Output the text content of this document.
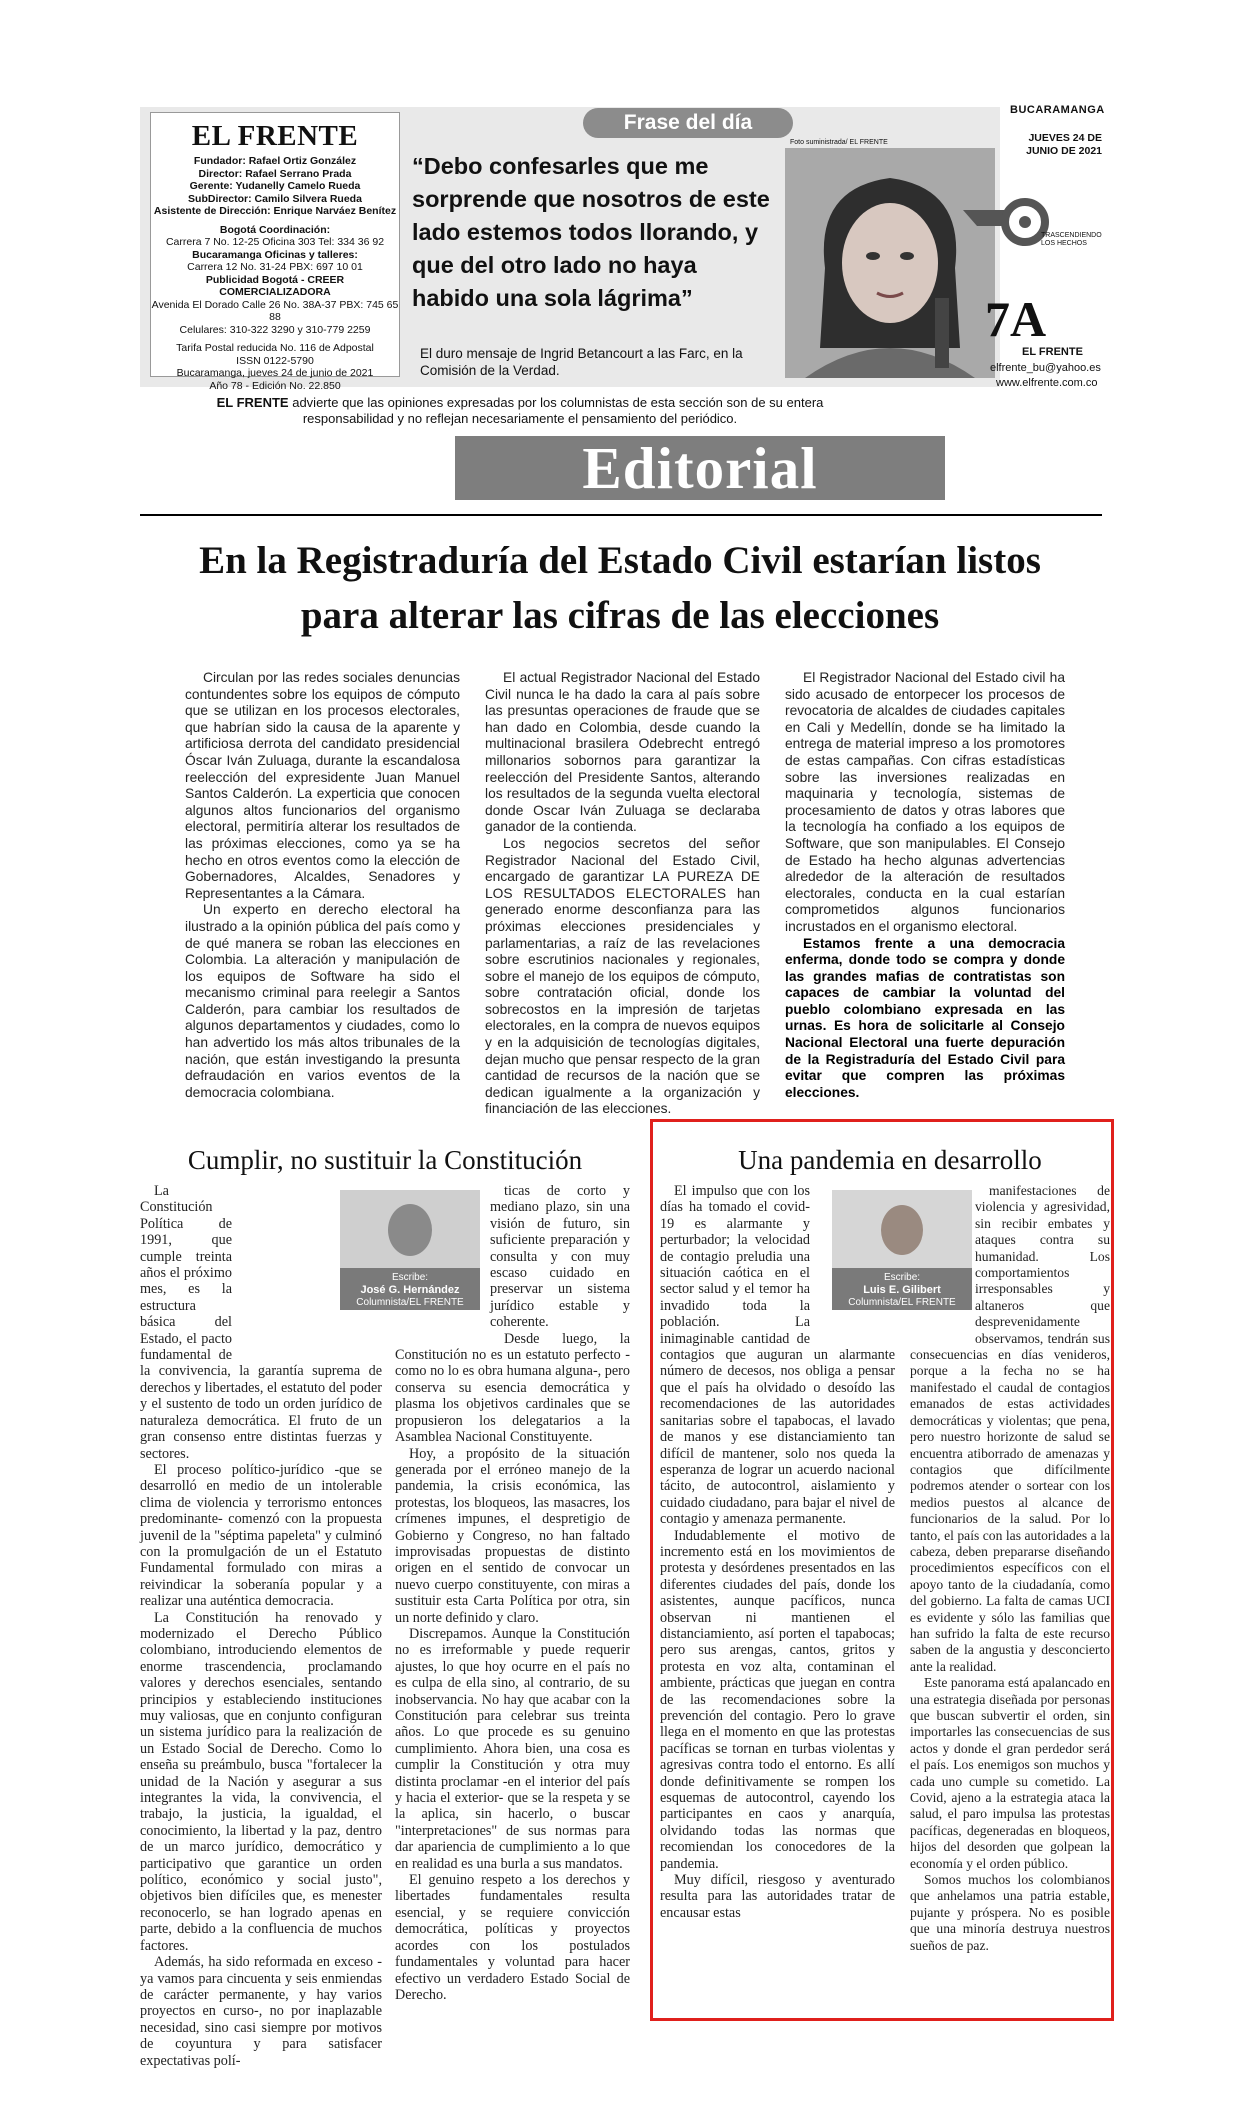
EL FRENTE
Fundador: Rafael Ortiz González
Director: Rafael Serrano Prada
Gerente: Yudanelly Camelo Rueda
SubDirector: Camilo Silvera Rueda
Asistente de Dirección: Enrique Narváez Benítez
Bogotá Coordinación:
Carrera 7 No. 12-25 Oficina 303 Tel: 334 36 92
Bucaramanga Oficinas y talleres:
Carrera 12 No. 31-24 PBX: 697 10 01
Publicidad Bogotá - CREER COMERCIALIZADORA
Avenida El Dorado Calle 26 No. 38A-37 PBX: 745 65 88
Celulares: 310-322 3290 y 310-779 2259
Tarifa Postal reducida No. 116 de Adpostal
ISSN 0122-5790
Bucaramanga, jueves 24 de junio de 2021
Año 78 - Edición No. 22.850
Frase del día
“Debo confesarles que me sorprende que nosotros de este lado estemos todos llorando, y que del otro lado no haya habido una sola lágrima”
El duro mensaje de Ingrid Betancourt a las Farc, en la Comisión de la Verdad.
Foto suministrada/ EL FRENTE
BUCARAMANGA
JUEVES 24 DE JUNIO DE 2021
TRASCENDIENDO LOS HECHOS
7A
EL FRENTE
elfrente_bu@yahoo.es
www.elfrente.com.co
EL FRENTE advierte que las opiniones expresadas por los columnistas de esta sección son de su entera responsabilidad y no reflejan necesariamente el pensamiento del periódico.
Editorial
En la Registraduría del Estado Civil estarían listos para alterar las cifras de las elecciones

Circulan por las redes sociales denuncias contundentes sobre los equipos de cómputo que se utilizan en los procesos electorales, que habrían sido la causa de la aparente y artificiosa derrota del candidato presidencial Óscar Iván Zuluaga, durante la escandalosa reelección del expresidente Juan Manuel Santos Calderón. La experticia que conocen algunos altos funcionarios del organismo electoral, permitiría alterar los resultados de las próximas elecciones, como ya se ha hecho en otros eventos como la elección de Gobernadores, Alcaldes, Senadores y Representantes a la Cámara.

Un experto en derecho electoral ha ilustrado a la opinión pública del país como y de qué manera se roban las elecciones en Colombia. La alteración y manipulación de los equipos de Software ha sido el mecanismo criminal para reelegir a Santos Calderón, para cambiar los resultados de algunos departamentos y ciudades, como lo han advertido los más altos tribunales de la nación, que están investigando la presunta defraudación en varios eventos de la democracia colombiana.

El actual Registrador Nacional del Estado Civil nunca le ha dado la cara al país sobre las presuntas operaciones de fraude que se han dado en Colombia, desde cuando la multinacional brasilera Odebrecht entregó millonarios sobornos para garantizar la reelección del Presidente Santos, alterando los resultados de la segunda vuelta electoral donde Oscar Iván Zuluaga se declaraba ganador de la contienda.

Los negocios secretos del señor Registrador Nacional del Estado Civil, encargado de garantizar LA PUREZA DE LOS RESULTADOS ELECTORALES han generado enorme desconfianza para las próximas elecciones presidenciales y parlamentarias, a raíz de las revelaciones sobre escrutinios nacionales y regionales, sobre el manejo de los equipos de cómputo, sobre contratación oficial, donde los sobrecostos en la impresión de tarjetas electorales, en la compra de nuevos equipos y en la adquisición de tecnologías digitales, dejan mucho que pensar respecto de la gran cantidad de recursos de la nación que se dedican igualmente a la organización y financiación de las elecciones.

El Registrador Nacional del Estado civil ha sido acusado de entorpecer los procesos de revocatoria de alcaldes de ciudades capitales en Cali y Medellín, donde se ha limitado la entrega de material impreso a los promotores de estas campañas. Con cifras estadísticas sobre las inversiones realizadas en maquinaria y tecnología, sistemas de procesamiento de datos y otras labores que la tecnología ha confiado a los equipos de Software, que son manipulables. El Consejo de Estado ha hecho algunas advertencias alrededor de la alteración de resultados electorales, conducta en la cual estarían comprometidos algunos funcionarios incrustados en el organismo electoral.

Estamos frente a una democracia enferma, donde todo se compra y donde las grandes mafias de contratistas son capaces de cambiar la voluntad del pueblo colombiano expresada en las urnas. Es hora de solicitarle al Consejo Nacional Electoral una fuerte depuración de la Registraduría del Estado Civil para evitar que compren las próximas elecciones.

Cumplir, no sustituir la Constitución

La Constitución Política de 1991, que cumple treinta años el próximo mes, es la estructura básica del Estado, el pacto fundamental de la convivencia, la garantía suprema de derechos y libertades, el estatuto del poder y el sustento de todo un orden jurídico de naturaleza democrática. El fruto de un gran consenso entre distintas fuerzas y sectores.

El proceso político-jurídico -que se desarrolló en medio de un intolerable clima de violencia y terrorismo entonces predominante- comenzó con la propuesta juvenil de la "séptima papeleta" y culminó con la promulgación de un el Estatuto Fundamental formulado con miras a reivindicar la soberanía popular y a realizar una auténtica democracia.

La Constitución ha renovado y modernizado el Derecho Público colombiano, introduciendo elementos de enorme trascendencia, proclamando valores y derechos esenciales, sentando principios y estableciendo instituciones muy valiosas, que en conjunto configuran un sistema jurídico para la realización de un Estado Social de Derecho. Como lo enseña su preámbulo, busca "fortalecer la unidad de la Nación y asegurar a sus integrantes la vida, la convivencia, el trabajo, la justicia, la igualdad, el conocimiento, la libertad y la paz, dentro de un marco jurídico, democrático y participativo que garantice un orden político, económico y social justo", objetivos bien difíciles que, es menester reconocerlo, se han logrado apenas en parte, debido a la confluencia de muchos factores.

Además, ha sido reformada en exceso -ya vamos para cincuenta y seis enmiendas de carácter permanente, y hay varios proyectos en curso-, no por inaplazable necesidad, sino casi siempre por motivos de coyuntura y para satisfacer expectativas polí-

ticas de corto y mediano plazo, sin una visión de futuro, sin suficiente preparación y consulta y con muy escaso cuidado en preservar un sistema jurídico estable y coherente.

Desde luego, la Constitución no es un estatuto perfecto -como no lo es obra humana alguna-, pero conserva su esencia democrática y plasma los objetivos cardinales que se propusieron los delegatarios a la Asamblea Nacional Constituyente.

Hoy, a propósito de la situación generada por el erróneo manejo de la pandemia, la crisis económica, las protestas, los bloqueos, las masacres, los crímenes impunes, el despretigio de Gobierno y Congreso, no han faltado improvisadas propuestas de distinto origen en el sentido de convocar un nuevo cuerpo constituyente, con miras a sustituir esta Carta Política por otra, sin un norte definido y claro.

Discrepamos. Aunque la Constitución no es irreformable y puede requerir ajustes, lo que hoy ocurre en el país no es culpa de ella sino, al contrario, de su inobservancia. No hay que acabar con la Constitución para celebrar sus treinta años. Lo que procede es su genuino cumplimiento. Ahora bien, una cosa es cumplir la Constitución y otra muy distinta proclamar -en el interior del país y hacia el exterior- que se la respeta y se la aplica, sin hacerlo, o buscar "interpretaciones" de sus normas para dar apariencia de cumplimiento a lo que en realidad es una burla a sus mandatos.

El genuino respeto a los derechos y libertades fundamentales resulta esencial, y se requiere convicción democrática, políticas y proyectos acordes con los postulados fundamentales y voluntad para hacer efectivo un verdadero Estado Social de Derecho.

Escribe:
José G. Hernández
Columnista/EL FRENTE
Una pandemia en desarrollo

El impulso que con los días ha tomado el covid-19 es alarmante y perturbador; la velocidad de contagio preludia una situación caótica en el sector salud y el temor ha invadido toda la población. La inimaginable cantidad de contagios que auguran un alarmante número de decesos, nos obliga a pensar que el país ha olvidado o desoído las recomendaciones de las autoridades sanitarias sobre el tapabocas, el lavado de manos y ese distanciamiento tan difícil de mantener, solo nos queda la esperanza de lograr un acuerdo nacional tácito, de autocontrol, aislamiento y cuidado ciudadano, para bajar el nivel de contagio y amenaza permanente.

Indudablemente el motivo de incremento está en los movimientos de protesta y desórdenes presentados en las diferentes ciudades del país, donde los asistentes, aunque pacíficos, nunca observan ni mantienen el distanciamiento, así porten el tapabocas; pero sus arengas, cantos, gritos y protesta en voz alta, contaminan el ambiente, prácticas que juegan en contra de las recomendaciones sobre la prevención del contagio. Pero lo grave llega en el momento en que las protestas pacíficas se tornan en turbas violentas y agresivas contra todo el entorno. Es allí donde definitivamente se rompen los esquemas de autocontrol, cayendo los participantes en caos y anarquía, olvidando todas las normas que recomiendan los conocedores de la pandemia.

Muy difícil, riesgoso y aventurado resulta para las autoridades tratar de encausar estas

manifestaciones de violencia y agresividad, sin recibir embates y ataques contra su humanidad. Los comportamientos irresponsables y altaneros que desprevenidamente observamos, tendrán sus consecuencias en días venideros, porque a la fecha no se ha manifestado el caudal de contagios emanados de estas actividades democráticas y violentas; que pena, pero nuestro horizonte de salud se encuentra atiborrado de amenazas y contagios que difícilmente podremos atender o sortear con los medios puestos al alcance de funcionarios de la salud. Por lo tanto, el país con las autoridades a la cabeza, deben prepararse diseñando procedimientos específicos con el apoyo tanto de la ciudadanía, como del gobierno. La falta de camas UCI es evidente y sólo las familias que han sufrido la falta de este recurso saben de la angustia y desconcierto ante la realidad.

Este panorama está apalancado en una estrategia diseñada por personas que buscan subvertir el orden, sin importarles las consecuencias de sus actos y donde el gran perdedor será el país. Los enemigos son muchos y cada uno cumple su cometido. La Covid, ajeno a la estrategia ataca la salud, el paro impulsa las protestas pacíficas, degeneradas en bloqueos, hijos del desorden que golpean la economía y el orden público.

Somos muchos los colombianos que anhelamos una patria estable, pujante y próspera. No es posible que una minoría destruya nuestros sueños de paz.

Escribe:
Luis E. Gilibert
Columnista/EL FRENTE
